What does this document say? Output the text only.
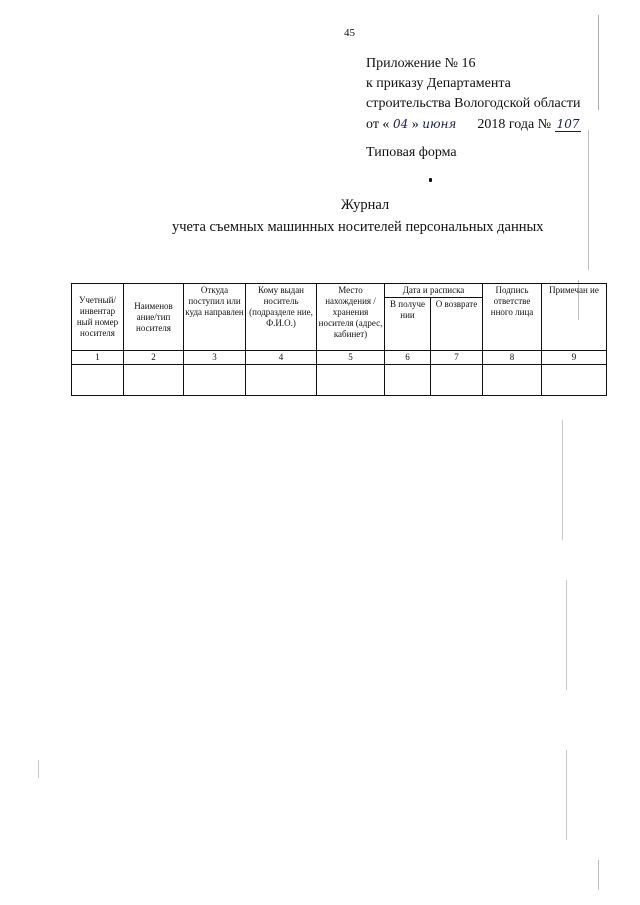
45
Приложение № 16
к приказу Департамента
строительства Вологодской области
от « 04 » июня 2018 года № 107
Типовая форма
Журнал
учета съемных машинных носителей персональных данных
Учетный/ инвентар ный номер носителя	Наименов ание/тип носителя	Откуда поступил или куда направлен	Кому выдан носитель (подразделе ние, Ф.И.О.)	Место нахождения /хранения носителя (адрес, кабинет)	Дата и расписка		Подпись ответстве нного лица	Примечан ие
					В получе нии	О возврате		
1	2	3	4	5	6	7	8	9
